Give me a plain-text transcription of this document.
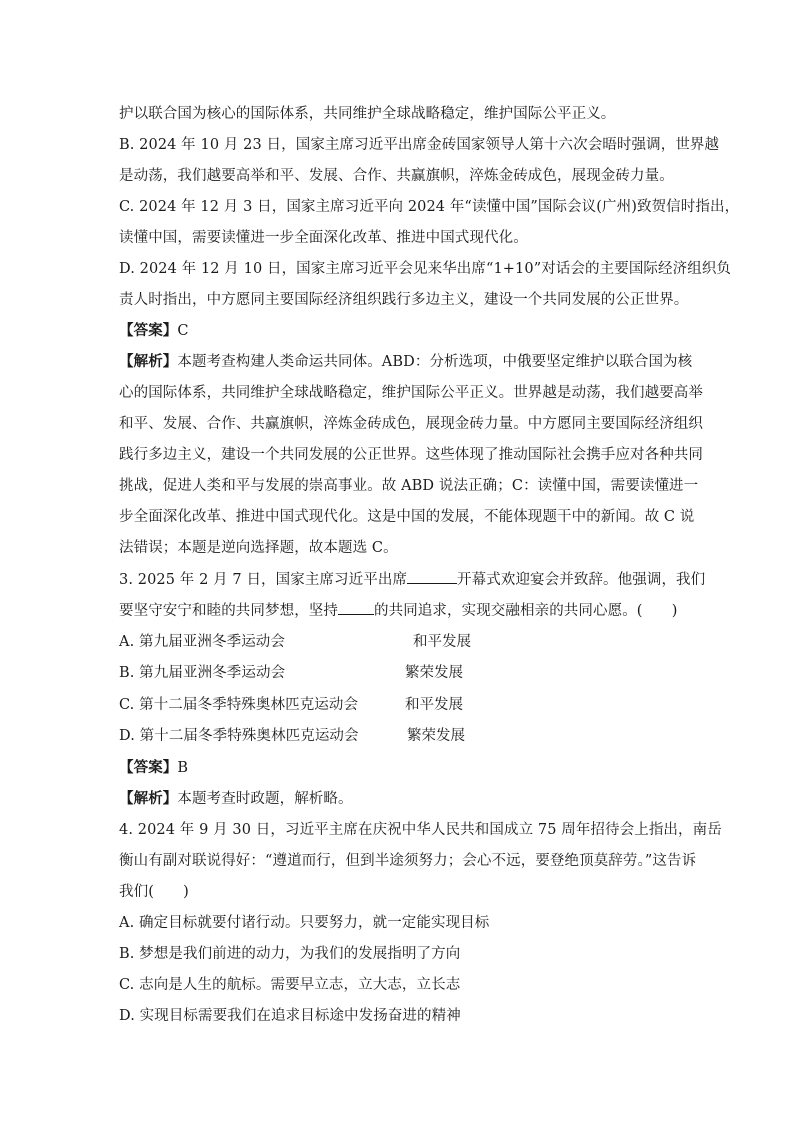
护以联合国为核心的国际体系，共同维护全球战略稳定，维护国际公平正义。
B. 2024 年 10 月 23 日，国家主席习近平出席金砖国家领导人第十六次会晤时强调，世界越
是动荡，我们越要高举和平、发展、合作、共赢旗帜，淬炼金砖成色，展现金砖力量。
C. 2024 年 12 月 3 日，国家主席习近平向 2024 年“读懂中国”国际会议(广州)致贺信时指出，
读懂中国，需要读懂进一步全面深化改革、推进中国式现代化。
D. 2024 年 12 月 10 日，国家主席习近平会见来华出席“1+10”对话会的主要国际经济组织负
责人时指出，中方愿同主要国际经济组织践行多边主义，建设一个共同发展的公正世界。
【答案】C
【解析】本题考查构建人类命运共同体。ABD：分析选项，中俄要坚定维护以联合国为核
心的国际体系，共同维护全球战略稳定，维护国际公平正义。世界越是动荡，我们越要高举
和平、发展、合作、共赢旗帜，淬炼金砖成色，展现金砖力量。中方愿同主要国际经济组织
践行多边主义，建设一个共同发展的公正世界。这些体现了推动国际社会携手应对各种共同
挑战，促进人类和平与发展的崇高事业。故 ABD 说法正确；C：读懂中国，需要读懂进一
步全面深化改革、推进中国式现代化。这是中国的发展，不能体现题干中的新闻。故 C 说
法错误；本题是逆向选择题，故本题选 C。
3. 2025 年 2 月 7 日，国家主席习近平出席	开幕式欢迎宴会并致辞。他强调，我们
要坚守安宁和睦的共同梦想，坚持 的共同追求，实现交融相亲的共同心愿。(　　)
A. 第九届亚洲冬季运动会	和平发展
B. 第九届亚洲冬季运动会	繁荣发展
C. 第十二届冬季特殊奥林匹克运动会	和平发展
D. 第十二届冬季特殊奥林匹克运动会	繁荣发展
【答案】B
【解析】本题考查时政题，解析略。
4. 2024 年 9 月 30 日，习近平主席在庆祝中华人民共和国成立 75 周年招待会上指出，南岳
衡山有副对联说得好：“遵道而行，但到半途须努力；会心不远，要登绝顶莫辞劳。”这告诉
我们(　　)
A. 确定目标就要付诸行动。只要努力，就一定能实现目标
B. 梦想是我们前进的动力，为我们的发展指明了方向
C. 志向是人生的航标。需要早立志，立大志，立长志
D. 实现目标需要我们在追求目标途中发扬奋进的精神
